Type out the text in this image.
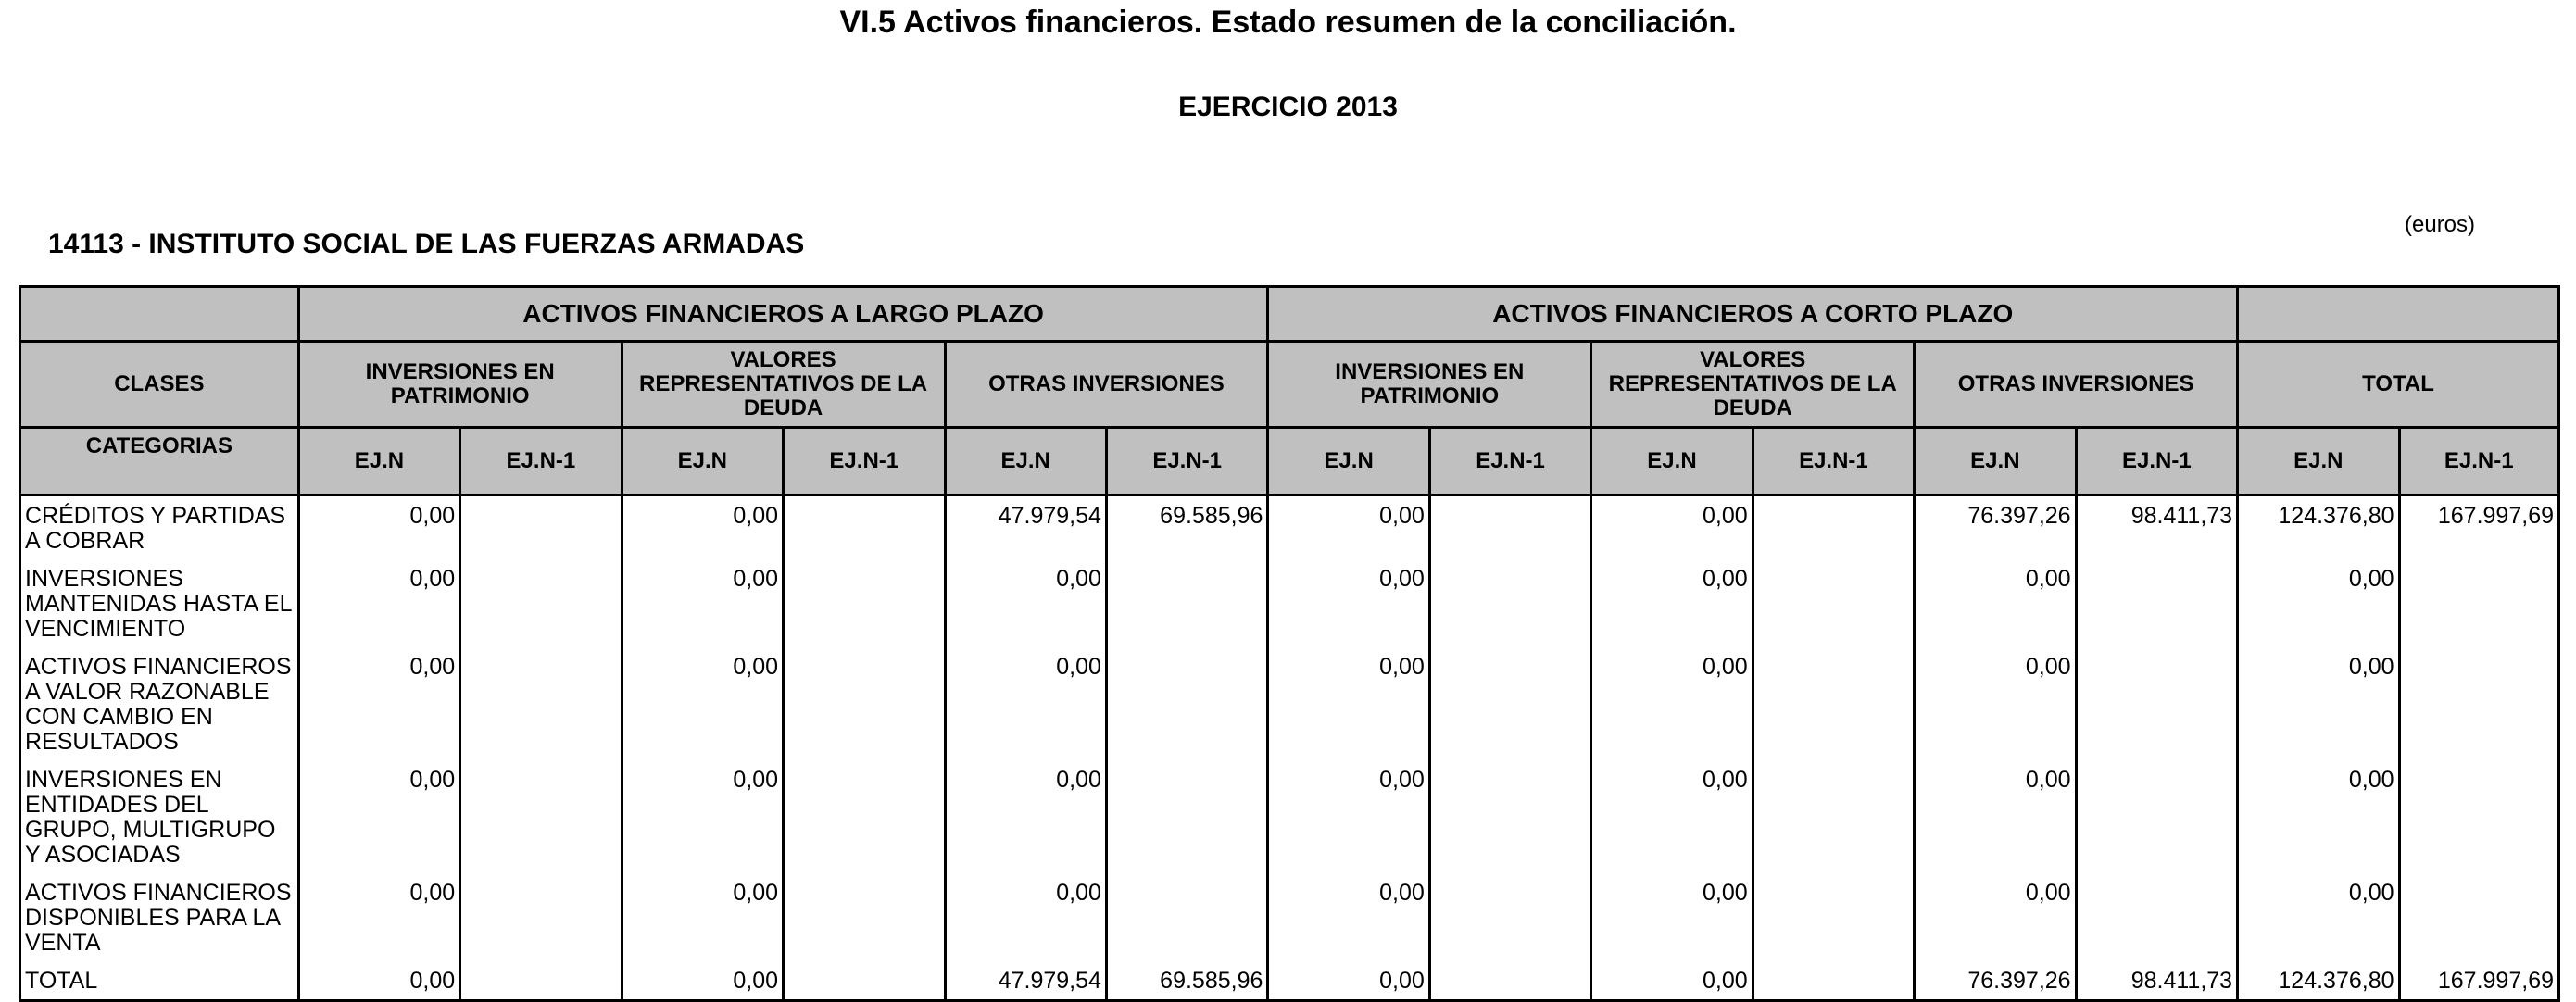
VI.5 Activos financieros. Estado resumen de la conciliación.
EJERCICIO 2013
14113 - INSTITUTO SOCIAL DE LAS FUERZAS ARMADAS
(euros)
	ACTIVOS FINANCIEROS A LARGO PLAZO						ACTIVOS FINANCIEROS A CORTO PLAZO							
CLASES	INVERSIONES EN PATRIMONIO		VALORES REPRESENTATIVOS DE LA DEUDA		OTRAS INVERSIONES		INVERSIONES EN PATRIMONIO		VALORES REPRESENTATIVOS DE LA DEUDA		OTRAS INVERSIONES		TOTAL	
CATEGORIAS	EJ.N	EJ.N-1	EJ.N	EJ.N-1	EJ.N	EJ.N-1	EJ.N	EJ.N-1	EJ.N	EJ.N-1	EJ.N	EJ.N-1	EJ.N	EJ.N-1
CRÉDITOS Y PARTIDAS A COBRAR	0,00		0,00		47.979,54	69.585,96	0,00		0,00		76.397,26	98.411,73	124.376,80	167.997,69
INVERSIONES MANTENIDAS HASTA EL VENCIMIENTO	0,00		0,00		0,00		0,00		0,00		0,00		0,00	
ACTIVOS FINANCIEROS A VALOR RAZONABLE CON CAMBIO EN RESULTADOS	0,00		0,00		0,00		0,00		0,00		0,00		0,00	
INVERSIONES EN ENTIDADES DEL GRUPO, MULTIGRUPO Y ASOCIADAS	0,00		0,00		0,00		0,00		0,00		0,00		0,00	
ACTIVOS FINANCIEROS DISPONIBLES PARA LA VENTA	0,00		0,00		0,00		0,00		0,00		0,00		0,00	
TOTAL	0,00		0,00		47.979,54	69.585,96	0,00		0,00		76.397,26	98.411,73	124.376,80	167.997,69
